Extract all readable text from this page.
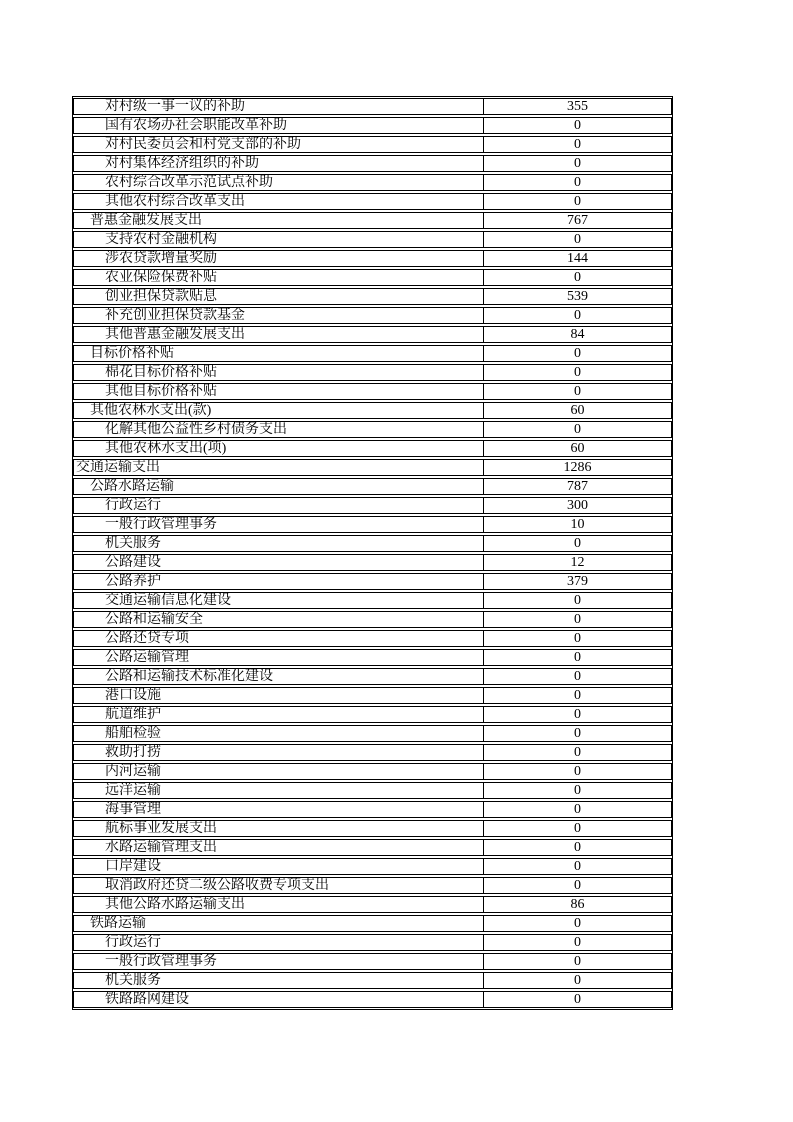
对村级一事一议的补助	355
国有农场办社会职能改革补助	0
对村民委员会和村党支部的补助	0
对村集体经济组织的补助	0
农村综合改革示范试点补助	0
其他农村综合改革支出	0
普惠金融发展支出	767
支持农村金融机构	0
涉农贷款增量奖励	144
农业保险保费补贴	0
创业担保贷款贴息	539
补充创业担保贷款基金	0
其他普惠金融发展支出	84
目标价格补贴	0
棉花目标价格补贴	0
其他目标价格补贴	0
其他农林水支出(款)	60
化解其他公益性乡村债务支出	0
其他农林水支出(项)	60
交通运输支出	1286
公路水路运输	787
行政运行	300
一般行政管理事务	10
机关服务	0
公路建设	12
公路养护	379
交通运输信息化建设	0
公路和运输安全	0
公路还贷专项	0
公路运输管理	0
公路和运输技术标准化建设	0
港口设施	0
航道维护	0
船舶检验	0
救助打捞	0
内河运输	0
远洋运输	0
海事管理	0
航标事业发展支出	0
水路运输管理支出	0
口岸建设	0
取消政府还贷二级公路收费专项支出	0
其他公路水路运输支出	86
铁路运输	0
行政运行	0
一般行政管理事务	0
机关服务	0
铁路路网建设	0
